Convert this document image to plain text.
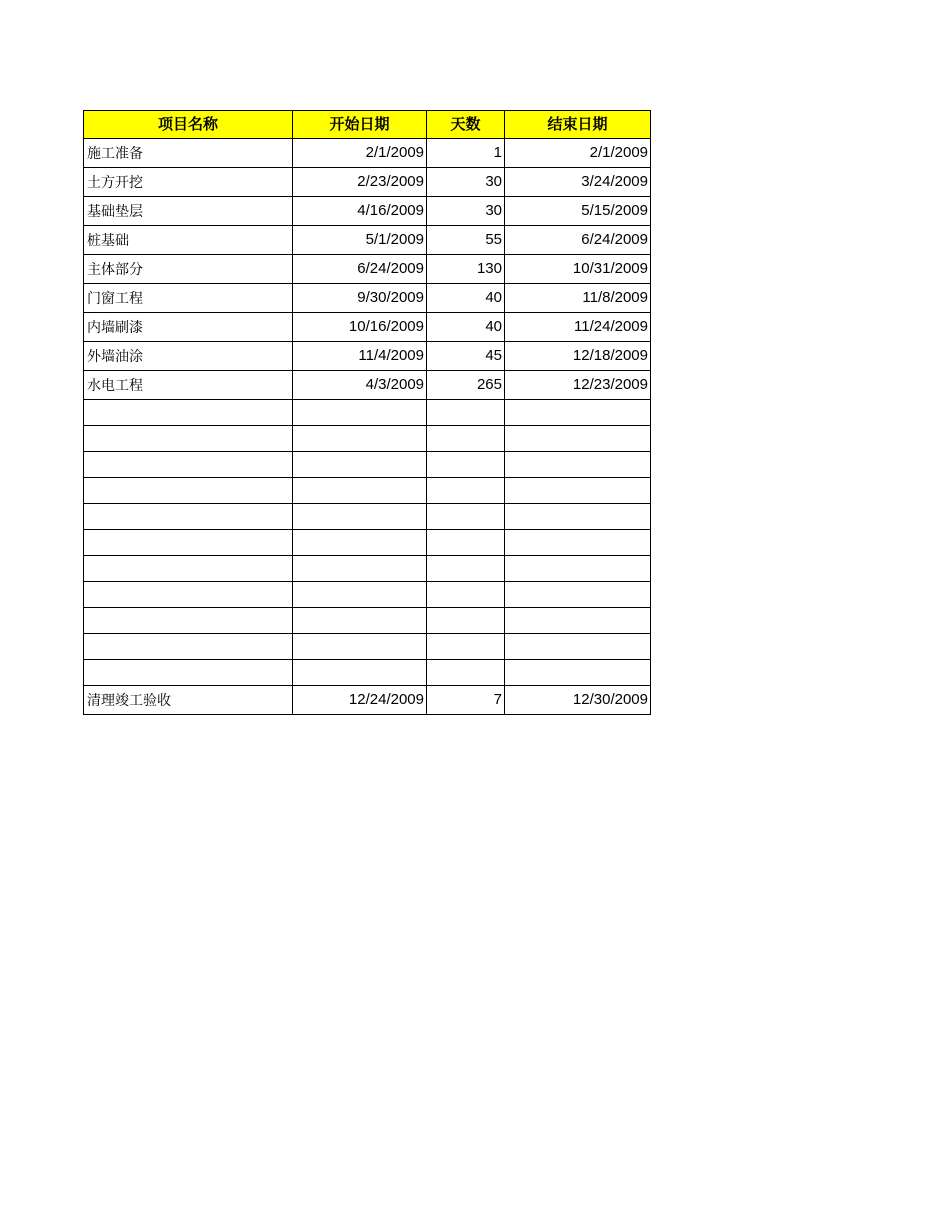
项目名称	开始日期	天数	结束日期
施工准备	2/1/2009	1	2/1/2009
土方开挖	2/23/2009	30	3/24/2009
基础垫层	4/16/2009	30	5/15/2009
桩基础	5/1/2009	55	6/24/2009
主体部分	6/24/2009	130	10/31/2009
门窗工程	9/30/2009	40	11/8/2009
内墙刷漆	10/16/2009	40	11/24/2009
外墙油涂	11/4/2009	45	12/18/2009
水电工程	4/3/2009	265	12/23/2009

清理竣工验收	12/24/2009	7	12/30/2009
